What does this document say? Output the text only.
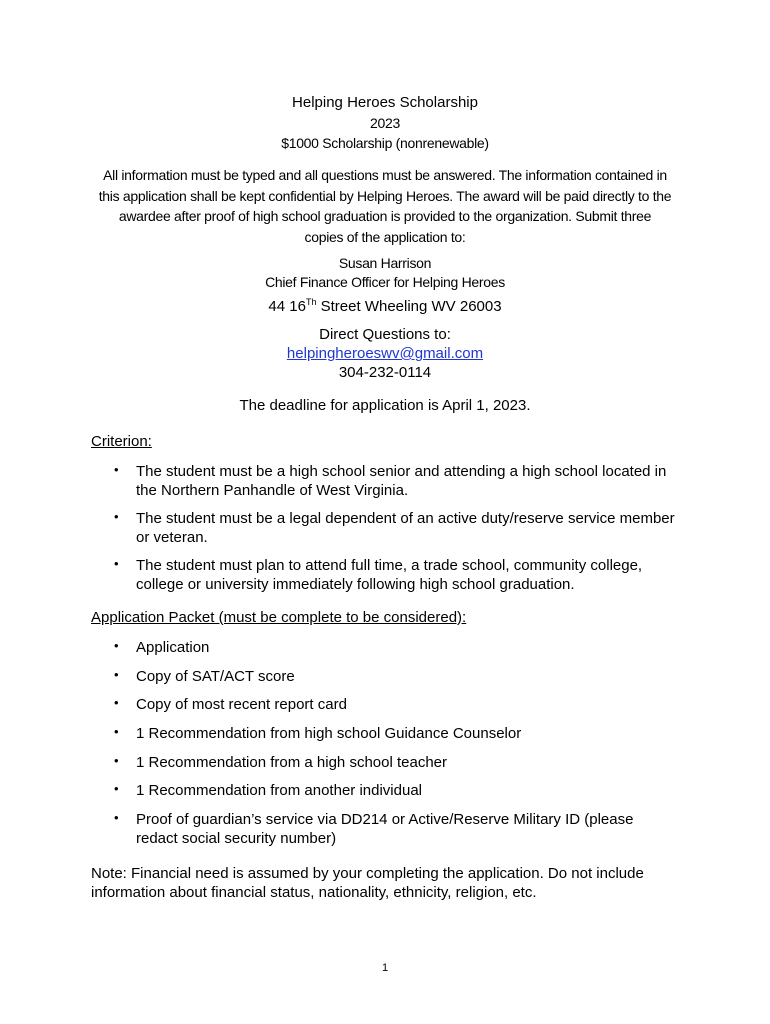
Helping Heroes Scholarship
2023
$1000 Scholarship (nonrenewable)
All information must be typed and all questions must be answered. The information contained in
this application shall be kept confidential by Helping Heroes. The award will be paid directly to the
awardee after proof of high school graduation is provided to the organization. Submit three
copies of the application to:
Susan Harrison
Chief Finance Officer for Helping Heroes
44 16Th Street Wheeling WV 26003
Direct Questions to:
helpingheroeswv@gmail.com
304-232-0114
The deadline for application is April 1, 2023.
Criterion:
• The student must be a high school senior and attending a high school located in
the Northern Panhandle of West Virginia.
• The student must be a legal dependent of an active duty/reserve service member
or veteran.
• The student must plan to attend full time, a trade school, community college,
college or university immediately following high school graduation.
Application Packet (must be complete to be considered):
• Application
• Copy of SAT/ACT score
• Copy of most recent report card
• 1 Recommendation from high school Guidance Counselor
• 1 Recommendation from a high school teacher
• 1 Recommendation from another individual
• Proof of guardian’s service via DD214 or Active/Reserve Military ID (please
redact social security number)
Note: Financial need is assumed by your completing the application. Do not include
information about financial status, nationality, ethnicity, religion, etc.
1
